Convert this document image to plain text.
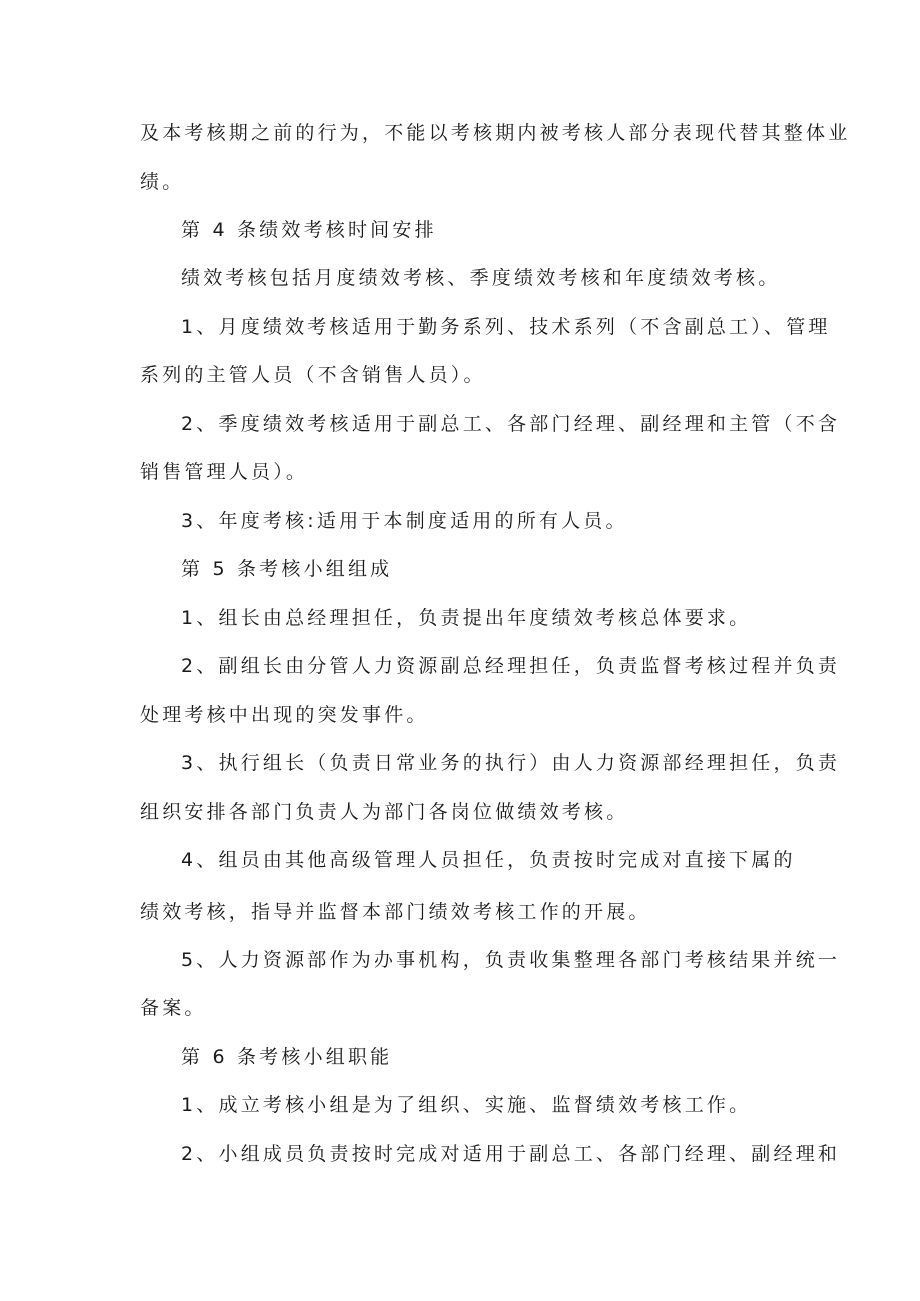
及本考核期之前的行为，不能以考核期内被考核人部分表现代替其整体业

绩。

第 4 条绩效考核时间安排

绩效考核包括月度绩效考核、季度绩效考核和年度绩效考核。

1、月度绩效考核适用于勤务系列、技术系列（不含副总工）、管理

系列的主管人员（不含销售人员）。

2、季度绩效考核适用于副总工、各部门经理、副经理和主管（不含

销售管理人员）。

3、年度考核:适用于本制度适用的所有人员。

第 5 条考核小组组成

1、组长由总经理担任，负责提出年度绩效考核总体要求。

2、副组长由分管人力资源副总经理担任，负责监督考核过程并负责

处理考核中出现的突发事件。

3、执行组长（负责日常业务的执行）由人力资源部经理担任，负责

组织安排各部门负责人为部门各岗位做绩效考核。

4、组员由其他高级管理人员担任，负责按时完成对直接下属的

绩效考核，指导并监督本部门绩效考核工作的开展。

5、人力资源部作为办事机构，负责收集整理各部门考核结果并统一

备案。

第 6 条考核小组职能

1、成立考核小组是为了组织、实施、监督绩效考核工作。

2、小组成员负责按时完成对适用于副总工、各部门经理、副经理和
